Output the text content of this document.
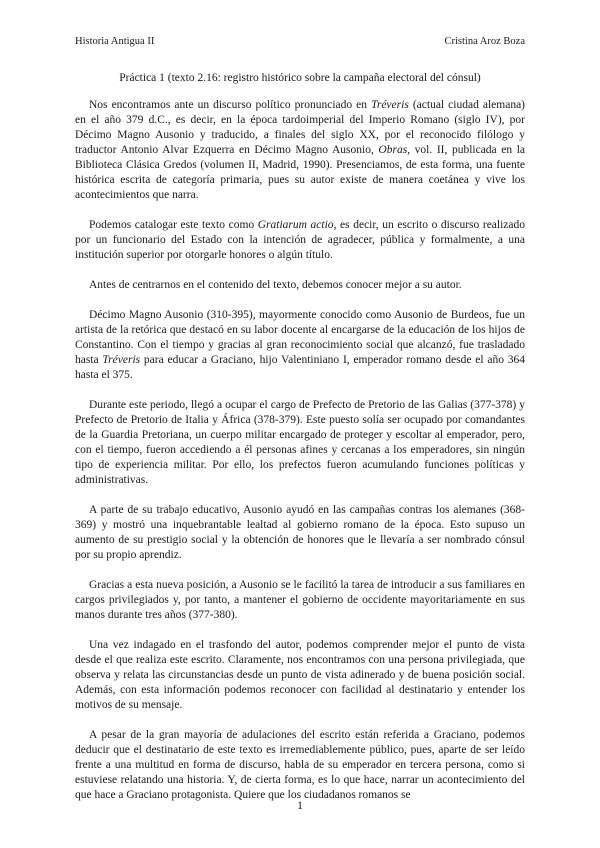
Historia Antigua II	Cristina Aroz Boza
Práctica 1 (texto 2.16: registro histórico sobre la campaña electoral del cónsul)

Nos encontramos ante un discurso político pronunciado en Tréveris (actual ciudad alemana) en el año 379 d.C., es decir, en la época tardoimperial del Imperio Romano (siglo IV), por Décimo Magno Ausonio y traducido, a finales del siglo XX, por el reconocido filólogo y traductor Antonio Alvar Ezquerra en Décimo Magno Ausonio, Obras, vol. II, publicada en la Biblioteca Clásica Gredos (volumen II, Madrid, 1990). Presenciamos, de esta forma, una fuente histórica escrita de categoría primaria, pues su autor existe de manera coetánea y vive los acontecimientos que narra.

Podemos catalogar este texto como Gratiarum actio, es decir, un escrito o discurso realizado por un funcionario del Estado con la intención de agradecer, pública y formalmente, a una institución superior por otorgarle honores o algún título.

Antes de centrarnos en el contenido del texto, debemos conocer mejor a su autor.

Décimo Magno Ausonio (310-395), mayormente conocido como Ausonio de Burdeos, fue un artista de la retórica que destacó en su labor docente al encargarse de la educación de los hijos de Constantino. Con el tiempo y gracias al gran reconocimiento social que alcanzó, fue trasladado hasta Tréveris para educar a Graciano, hijo Valentiniano I, emperador romano desde el año 364 hasta el 375.

Durante este periodo, llegó a ocupar el cargo de Prefecto de Pretorio de las Galias (377-378) y Prefecto de Pretorio de Italia y África (378-379). Este puesto solía ser ocupado por comandantes de la Guardia Pretoriana, un cuerpo militar encargado de proteger y escoltar al emperador, pero, con el tiempo, fueron accediendo a él personas afines y cercanas a los emperadores, sin ningún tipo de experiencia militar. Por ello, los prefectos fueron acumulando funciones políticas y administrativas.

A parte de su trabajo educativo, Ausonio ayudó en las campañas contras los alemanes (368-369) y mostró una inquebrantable lealtad al gobierno romano de la época. Esto supuso un aumento de su prestigio social y la obtención de honores que le llevaría a ser nombrado cónsul por su propio aprendiz.

Gracias a esta nueva posición, a Ausonio se le facilitó la tarea de introducir a sus familiares en cargos privilegiados y, por tanto, a mantener el gobierno de occidente mayoritariamente en sus manos durante tres años (377-380).

Una vez indagado en el trasfondo del autor, podemos comprender mejor el punto de vista desde el que realiza este escrito. Claramente, nos encontramos con una persona privilegiada, que observa y relata las circunstancias desde un punto de vista adinerado y de buena posición social. Además, con esta información podemos reconocer con facilidad al destinatario y entender los motivos de su mensaje.

A pesar de la gran mayoría de adulaciones del escrito están referida a Graciano, podemos deducir que el destinatario de este texto es irremediablemente público, pues, aparte de ser leído frente a una multitud en forma de discurso, habla de su emperador en tercera persona, como si estuviese relatando una historia. Y, de cierta forma, es lo que hace, narrar un acontecimiento del que hace a Graciano protagonista. Quiere que los ciudadanos romanos se

1
